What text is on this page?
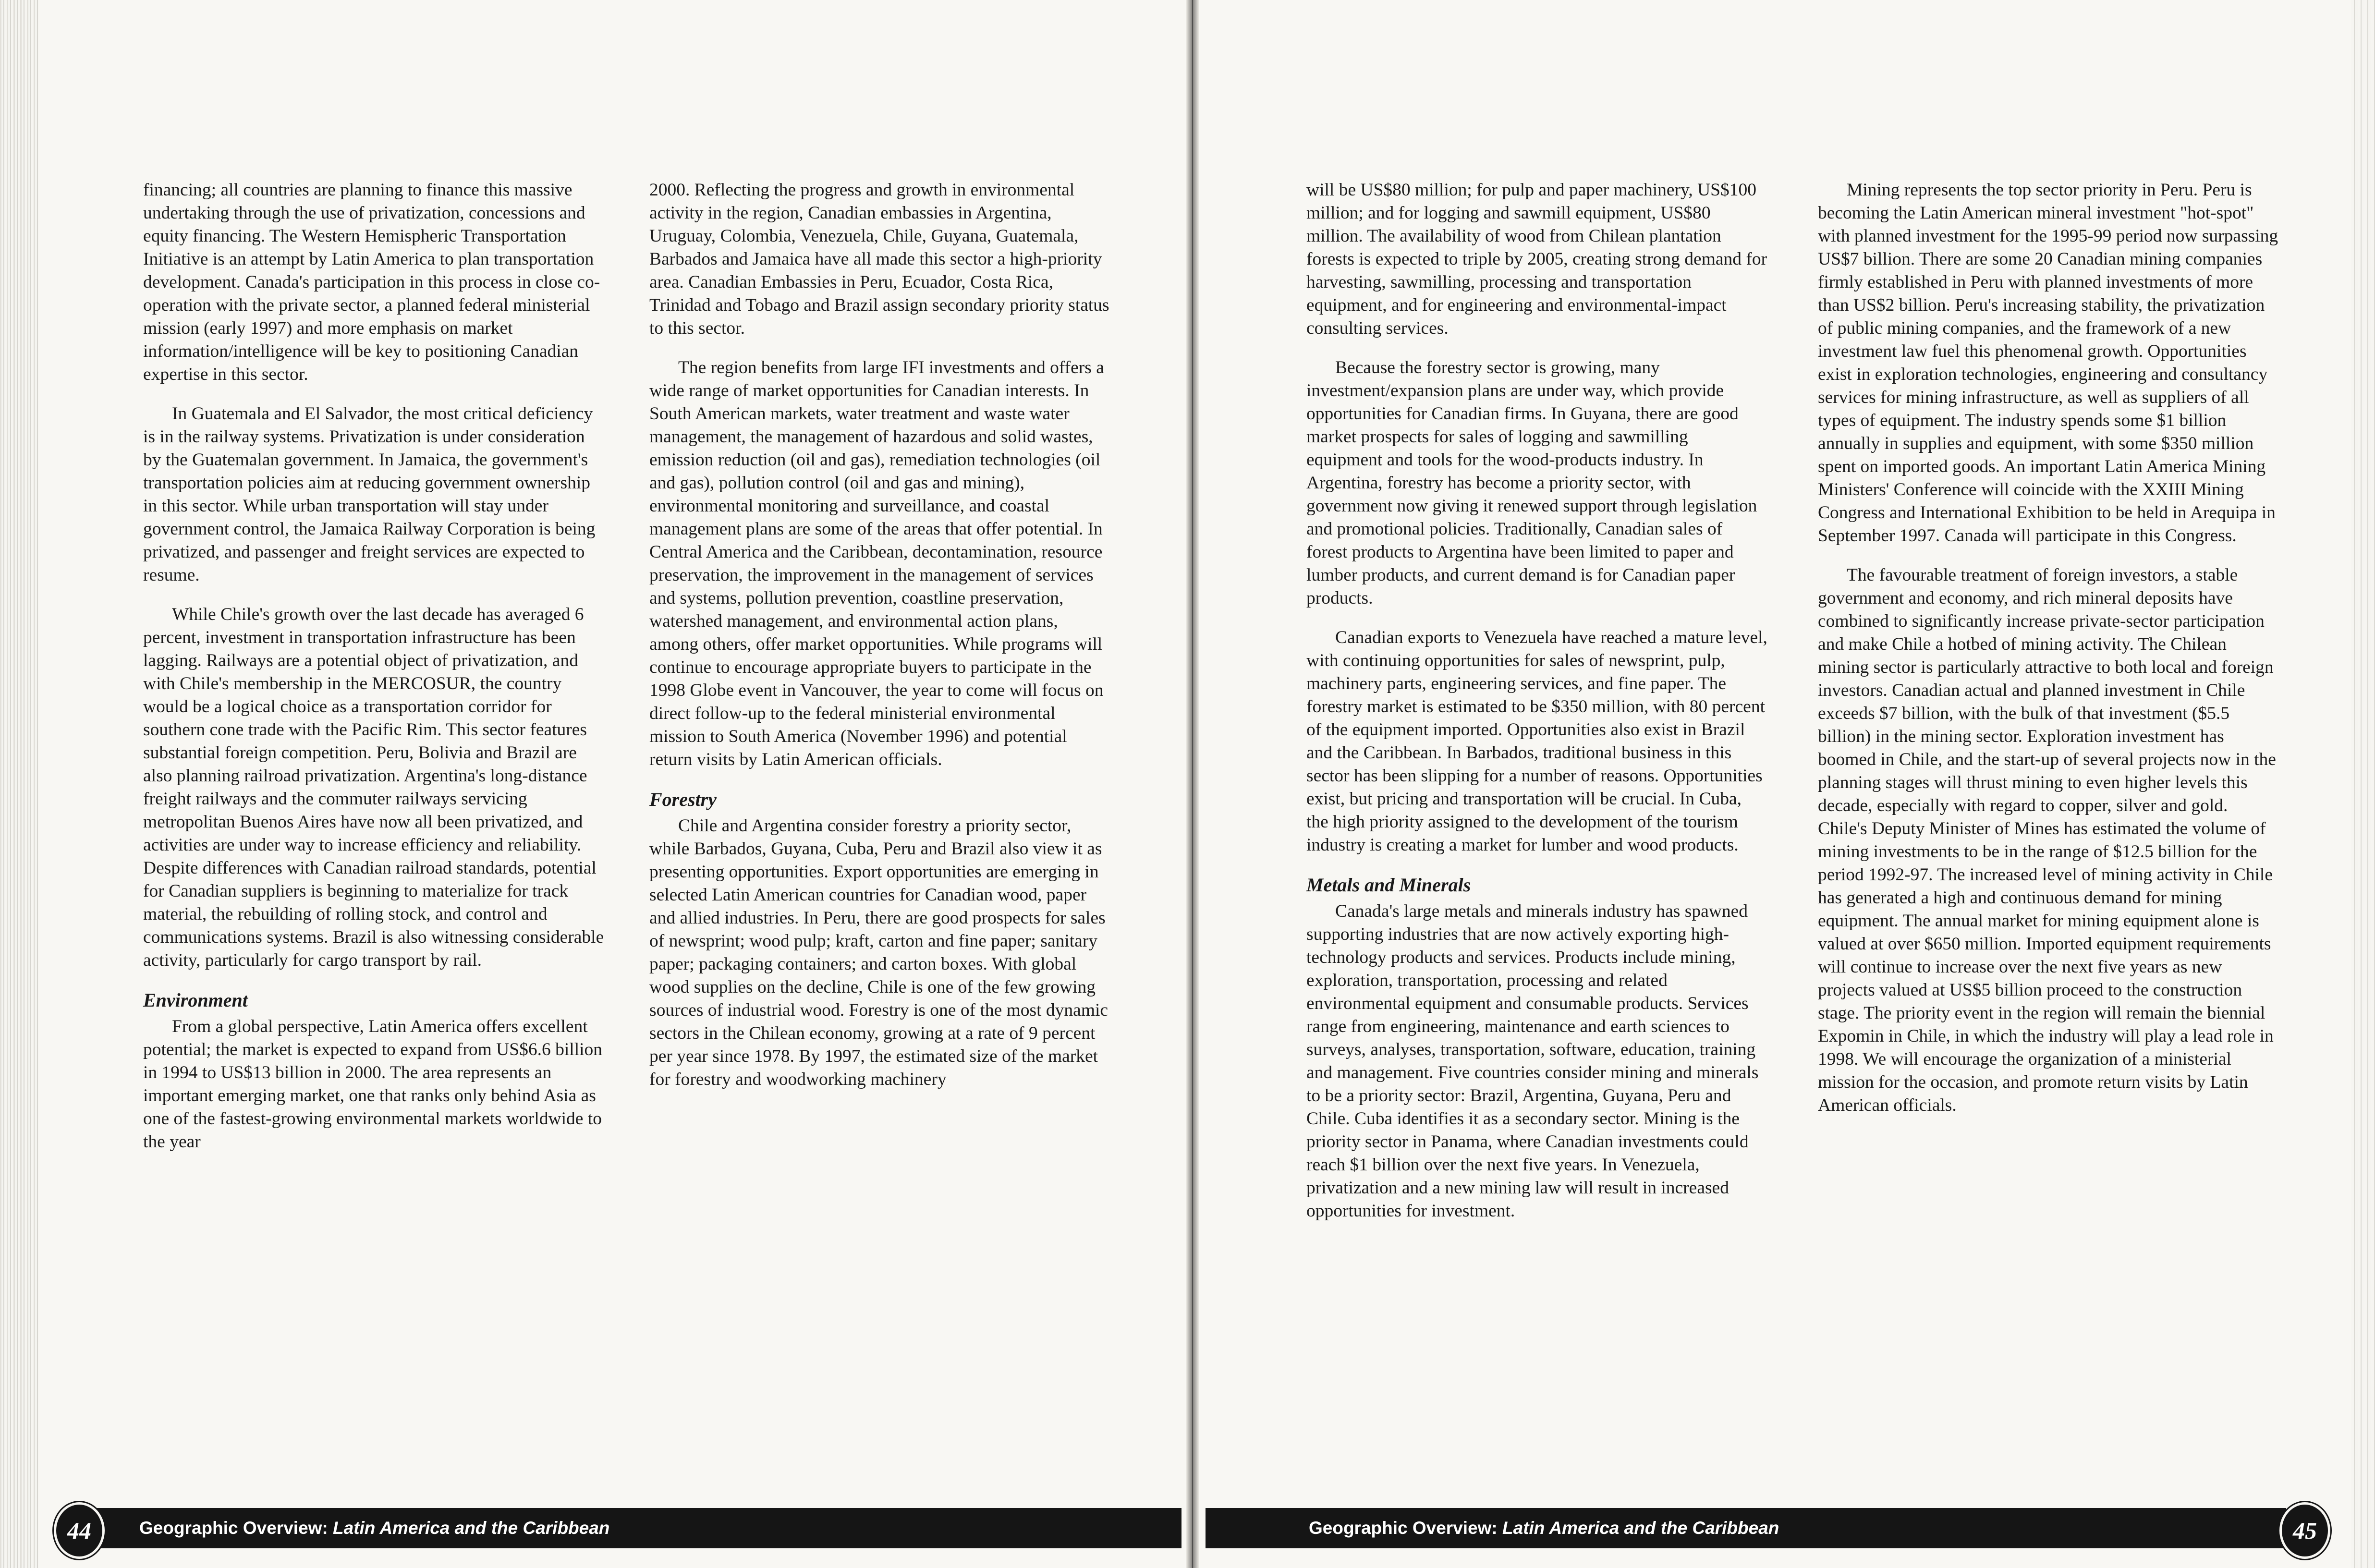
financing; all countries are planning to finance this massive undertaking through the use of privatization, concessions and equity financing. The Western Hemispheric Transportation Initiative is an attempt by Latin America to plan transportation development. Canada's participation in this process in close co-operation with the private sector, a planned federal ministerial mission (early 1997) and more emphasis on market information/intelligence will be key to positioning Canadian expertise in this sector.

In Guatemala and El Salvador, the most critical deficiency is in the railway systems. Privatization is under consideration by the Guatemalan government. In Jamaica, the government's transportation policies aim at reducing government ownership in this sector. While urban transportation will stay under government control, the Jamaica Railway Corporation is being privatized, and passenger and freight services are expected to resume.

While Chile's growth over the last decade has averaged 6 percent, investment in transportation infrastructure has been lagging. Railways are a potential object of privatization, and with Chile's membership in the MERCOSUR, the country would be a logical choice as a transportation corridor for southern cone trade with the Pacific Rim. This sector features substantial foreign competition. Peru, Bolivia and Brazil are also planning railroad privatization. Argentina's long-distance freight railways and the commuter railways servicing metropolitan Buenos Aires have now all been privatized, and activities are under way to increase efficiency and reliability. Despite differences with Canadian railroad standards, potential for Canadian suppliers is beginning to materialize for track material, the rebuilding of rolling stock, and control and communications systems. Brazil is also witnessing considerable activity, particularly for cargo transport by rail.

Environment

From a global perspective, Latin America offers excellent potential; the market is expected to expand from US$6.6 billion in 1994 to US$13 billion in 2000. The area represents an important emerging market, one that ranks only behind Asia as one of the fastest-growing environmental markets worldwide to the year

2000. Reflecting the progress and growth in environmental activity in the region, Canadian embassies in Argentina, Uruguay, Colombia, Venezuela, Chile, Guyana, Guatemala, Barbados and Jamaica have all made this sector a high-priority area. Canadian Embassies in Peru, Ecuador, Costa Rica, Trinidad and Tobago and Brazil assign secondary priority status to this sector.

The region benefits from large IFI investments and offers a wide range of market opportunities for Canadian interests. In South American markets, water treatment and waste water management, the management of hazardous and solid wastes, emission reduction (oil and gas), remediation technologies (oil and gas), pollution control (oil and gas and mining), environmental monitoring and surveillance, and coastal management plans are some of the areas that offer potential. In Central America and the Caribbean, decontamination, resource preservation, the improvement in the management of services and systems, pollution prevention, coastline preservation, watershed management, and environmental action plans, among others, offer market opportunities. While programs will continue to encourage appropriate buyers to participate in the 1998 Globe event in Vancouver, the year to come will focus on direct follow-up to the federal ministerial environmental mission to South America (November 1996) and potential return visits by Latin American officials.

Forestry

Chile and Argentina consider forestry a priority sector, while Barbados, Guyana, Cuba, Peru and Brazil also view it as presenting opportunities. Export opportunities are emerging in selected Latin American countries for Canadian wood, paper and allied industries. In Peru, there are good prospects for sales of newsprint; wood pulp; kraft, carton and fine paper; sanitary paper; packaging containers; and carton boxes. With global wood supplies on the decline, Chile is one of the few growing sources of industrial wood. Forestry is one of the most dynamic sectors in the Chilean economy, growing at a rate of 9 percent per year since 1978. By 1997, the estimated size of the market for forestry and woodworking machinery

will be US$80 million; for pulp and paper machinery, US$100 million; and for logging and sawmill equipment, US$80 million. The availability of wood from Chilean plantation forests is expected to triple by 2005, creating strong demand for harvesting, sawmilling, processing and transportation equipment, and for engineering and environmental-impact consulting services.

Because the forestry sector is growing, many investment/expansion plans are under way, which provide opportunities for Canadian firms. In Guyana, there are good market prospects for sales of logging and sawmilling equipment and tools for the wood-products industry. In Argentina, forestry has become a priority sector, with government now giving it renewed support through legislation and promotional policies. Traditionally, Canadian sales of forest products to Argentina have been limited to paper and lumber products, and current demand is for Canadian paper products.

Canadian exports to Venezuela have reached a mature level, with continuing opportunities for sales of newsprint, pulp, machinery parts, engineering services, and fine paper. The forestry market is estimated to be $350 million, with 80 percent of the equipment imported. Opportunities also exist in Brazil and the Caribbean. In Barbados, traditional business in this sector has been slipping for a number of reasons. Opportunities exist, but pricing and transportation will be crucial. In Cuba, the high priority assigned to the development of the tourism industry is creating a market for lumber and wood products.

Metals and Minerals

Canada's large metals and minerals industry has spawned supporting industries that are now actively exporting high-technology products and services. Products include mining, exploration, transportation, processing and related environmental equipment and consumable products. Services range from engineering, maintenance and earth sciences to surveys, analyses, transportation, software, education, training and management. Five countries consider mining and minerals to be a priority sector: Brazil, Argentina, Guyana, Peru and Chile. Cuba identifies it as a secondary sector. Mining is the priority sector in Panama, where Canadian investments could reach $1 billion over the next five years. In Venezuela, privatization and a new mining law will result in increased opportunities for investment.

Mining represents the top sector priority in Peru. Peru is becoming the Latin American mineral investment "hot-spot" with planned investment for the 1995-99 period now surpassing US$7 billion. There are some 20 Canadian mining companies firmly established in Peru with planned investments of more than US$2 billion. Peru's increasing stability, the privatization of public mining companies, and the framework of a new investment law fuel this phenomenal growth. Opportunities exist in exploration technologies, engineering and consultancy services for mining infrastructure, as well as suppliers of all types of equipment. The industry spends some $1 billion annually in supplies and equipment, with some $350 million spent on imported goods. An important Latin America Mining Ministers' Conference will coincide with the XXIII Mining Congress and International Exhibition to be held in Arequipa in September 1997. Canada will participate in this Congress.

The favourable treatment of foreign investors, a stable government and economy, and rich mineral deposits have combined to significantly increase private-sector participation and make Chile a hotbed of mining activity. The Chilean mining sector is particularly attractive to both local and foreign investors. Canadian actual and planned investment in Chile exceeds $7 billion, with the bulk of that investment ($5.5 billion) in the mining sector. Exploration investment has boomed in Chile, and the start-up of several projects now in the planning stages will thrust mining to even higher levels this decade, especially with regard to copper, silver and gold. Chile's Deputy Minister of Mines has estimated the volume of mining investments to be in the range of $12.5 billion for the period 1992-97. The increased level of mining activity in Chile has generated a high and continuous demand for mining equipment. The annual market for mining equipment alone is valued at over $650 million. Imported equipment requirements will continue to increase over the next five years as new projects valued at US$5 billion proceed to the construction stage. The priority event in the region will remain the biennial Expomin in Chile, in which the industry will play a lead role in 1998. We will encourage the organization of a ministerial mission for the occasion, and promote return visits by Latin American officials.

Geographic Overview: Latin America and the Caribbean
44	Geographic Overview: Latin America and the Caribbean	45
